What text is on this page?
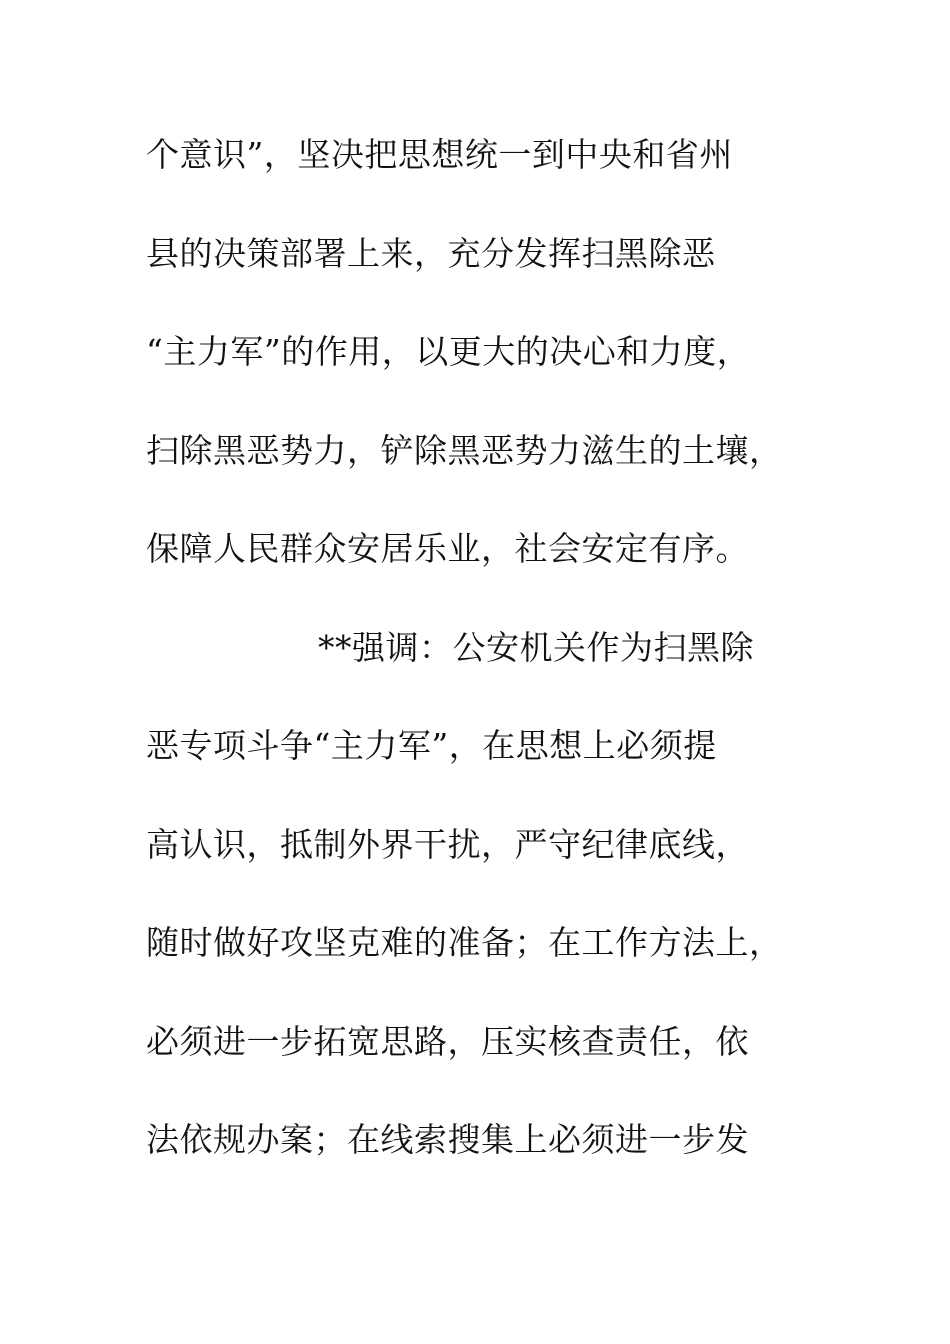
个意识”，坚决把思想统一到中央和省州
县的决策部署上来，充分发挥扫黑除恶
“主力军”的作用，以更大的决心和力度，
扫除黑恶势力，铲除黑恶势力滋生的土壤，
保障人民群众安居乐业，社会安定有序。
**强调：公安机关作为扫黑除
恶专项斗争“主力军”，在思想上必须提
高认识，抵制外界干扰，严守纪律底线，
随时做好攻坚克难的准备；在工作方法上，
必须进一步拓宽思路，压实核查责任，依
法依规办案；在线索搜集上必须进一步发
